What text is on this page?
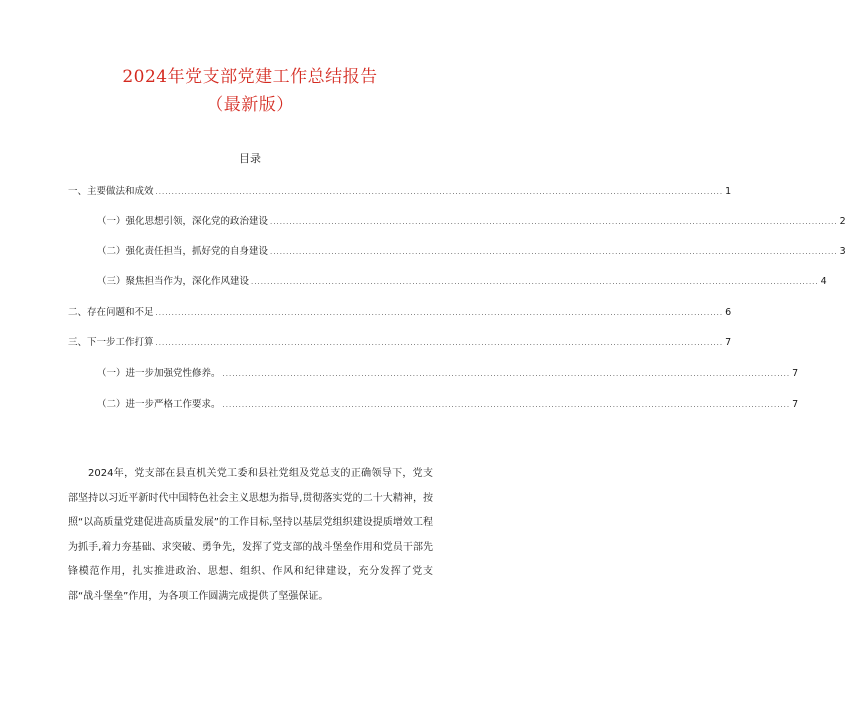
2024年党支部党建工作总结报告
（最新版）
目录
一、主要做法和成效 ................................................................................................................................................................................ 1
（一）强化思想引领，深化党的政治建设 ................................................................................................................................................................................ 2
（二）强化责任担当，抓好党的自身建设 ................................................................................................................................................................................ 3
（三）聚焦担当作为，深化作风建设 ................................................................................................................................................................................ 4
二、存在问题和不足 ................................................................................................................................................................................ 6
三、下一步工作打算 ................................................................................................................................................................................ 7
（一）进一步加强党性修养。 ................................................................................................................................................................................ 7
（二）进一步严格工作要求。 ................................................................................................................................................................................ 7

2024年，党支部在县直机关党工委和县社党组及党总支的正确领导下，党支部坚持以习近平新时代中国特色社会主义思想为指导,贯彻落实党的二十大精神，按照“以高质量党建促进高质量发展”的工作目标,坚持以基层党组织建设提质增效工程为抓手,着力夯基础、求突破、勇争先，发挥了党支部的战斗堡垒作用和党员干部先锋模范作用，扎实推进政治、思想、组织、作风和纪律建设，充分发挥了党支部“战斗堡垒”作用，为各项工作圆满完成提供了坚强保证。
